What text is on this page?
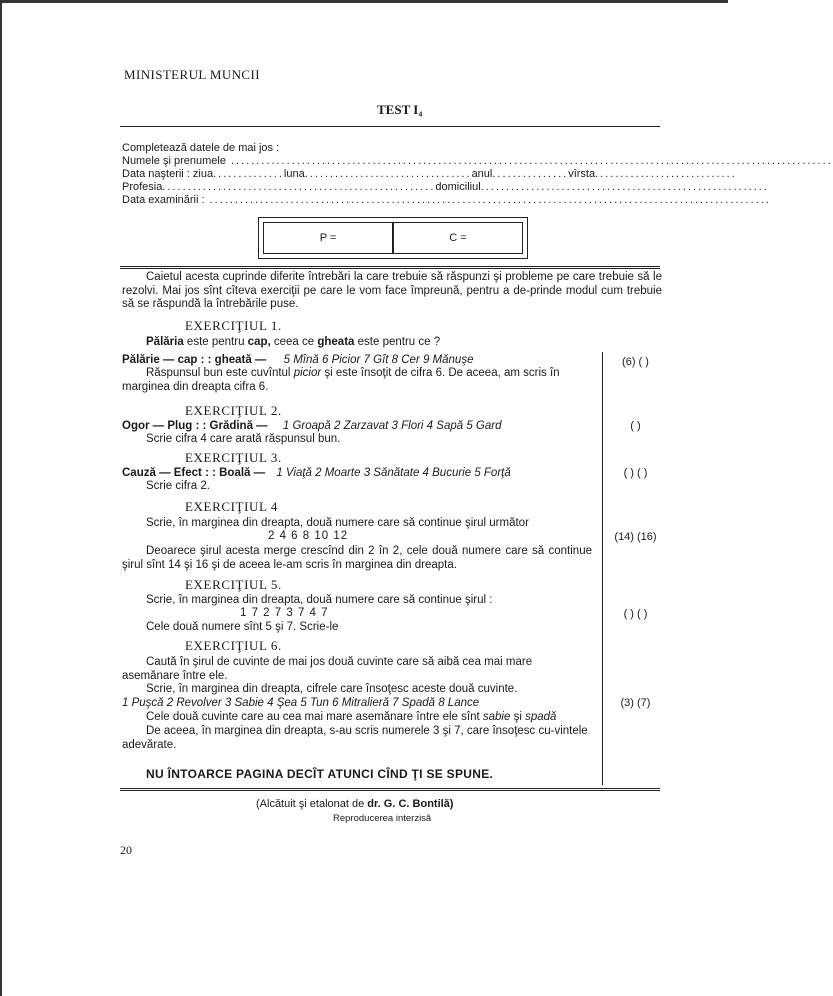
MINISTERUL MUNCII
TEST I₄
Completează datele de mai jos :
Numele şi prenumele .......................................................................................................................
Data naşterii : ziua .............. luna ................................. anul ............... vîrsta ............................
Profesia ...................................................... domiciliul .........................................................
Data examinării : ...............................................................................................................
P =	C =
Caietul acesta cuprinde diferite întrebări la care trebuie să răspunzi şi probleme pe care trebuie să le rezolvi. Mai jos sînt cîteva exerciţii pe care le vom face împreună, pentru a de-prinde modul cum trebuie să se răspundă la întrebările puse.
EXERCIŢIUL 1.
Pălăria este pentru cap, ceea ce gheata este pentru ce ?
Pălărie — cap : : gheată — 5 Mînă 6 Picior 7 Gît 8 Cer 9 Mănuşe
Răspunsul bun este cuvîntul picior şi este însoţit de cifra 6. De aceea, am scris în marginea din dreapta cifra 6.
(6) ( )
EXERCIŢIUL 2.
Ogor — Plug : : Grădină — 1 Groapă 2 Zarzavat 3 Flori 4 Sapă 5 Gard
Scrie cifra 4 care arată răspunsul bun.
( )
EXERCIŢIUL 3.
Cauză — Efect : : Boală — 1 Viaţă 2 Moarte 3 Sănătate 4 Bucurie 5 Forţă
Scrie cifra 2.
( ) ( )
EXERCIŢIUL 4
Scrie, în marginea din dreapta, două numere care să continue şirul următor
2 4 6 8 10 12
Deoarece şirul acesta merge crescînd din 2 în 2, cele două numere care să continue şirul sînt 14 şi 16 şi de aceea le-am scris în marginea din dreapta.
(14) (16)
EXERCIŢIUL 5.
Scrie, în marginea din dreapta, două numere care să continue şirul :
1 7 2 7 3 7 4 7
Cele două numere sînt 5 şi 7. Scrie-le
( ) ( )
EXERCIŢIUL 6.
Caută în şirul de cuvinte de mai jos două cuvinte care să aibă cea mai mare asemănare între ele.
Scrie, în marginea din dreapta, cifrele care însoţesc aceste două cuvinte.
1 Puşcă 2 Revolver 3 Sabie 4 Şea 5 Tun 6 Mitralieră 7 Spadă 8 Lance
Cele două cuvinte care au cea mai mare asemănare între ele sînt sabie şi spadă
De aceea, în marginea din dreapta, s-au scris numerele 3 şi 7, care însoţesc cu-vintele adevărate.
(3) (7)
NU ÎNTOARCE PAGINA DECÎT ATUNCI CÎND ŢI SE SPUNE.
(Alcătuit şi etalonat de dr. G. C. Bontilă)
Reproducerea interzisă
20
